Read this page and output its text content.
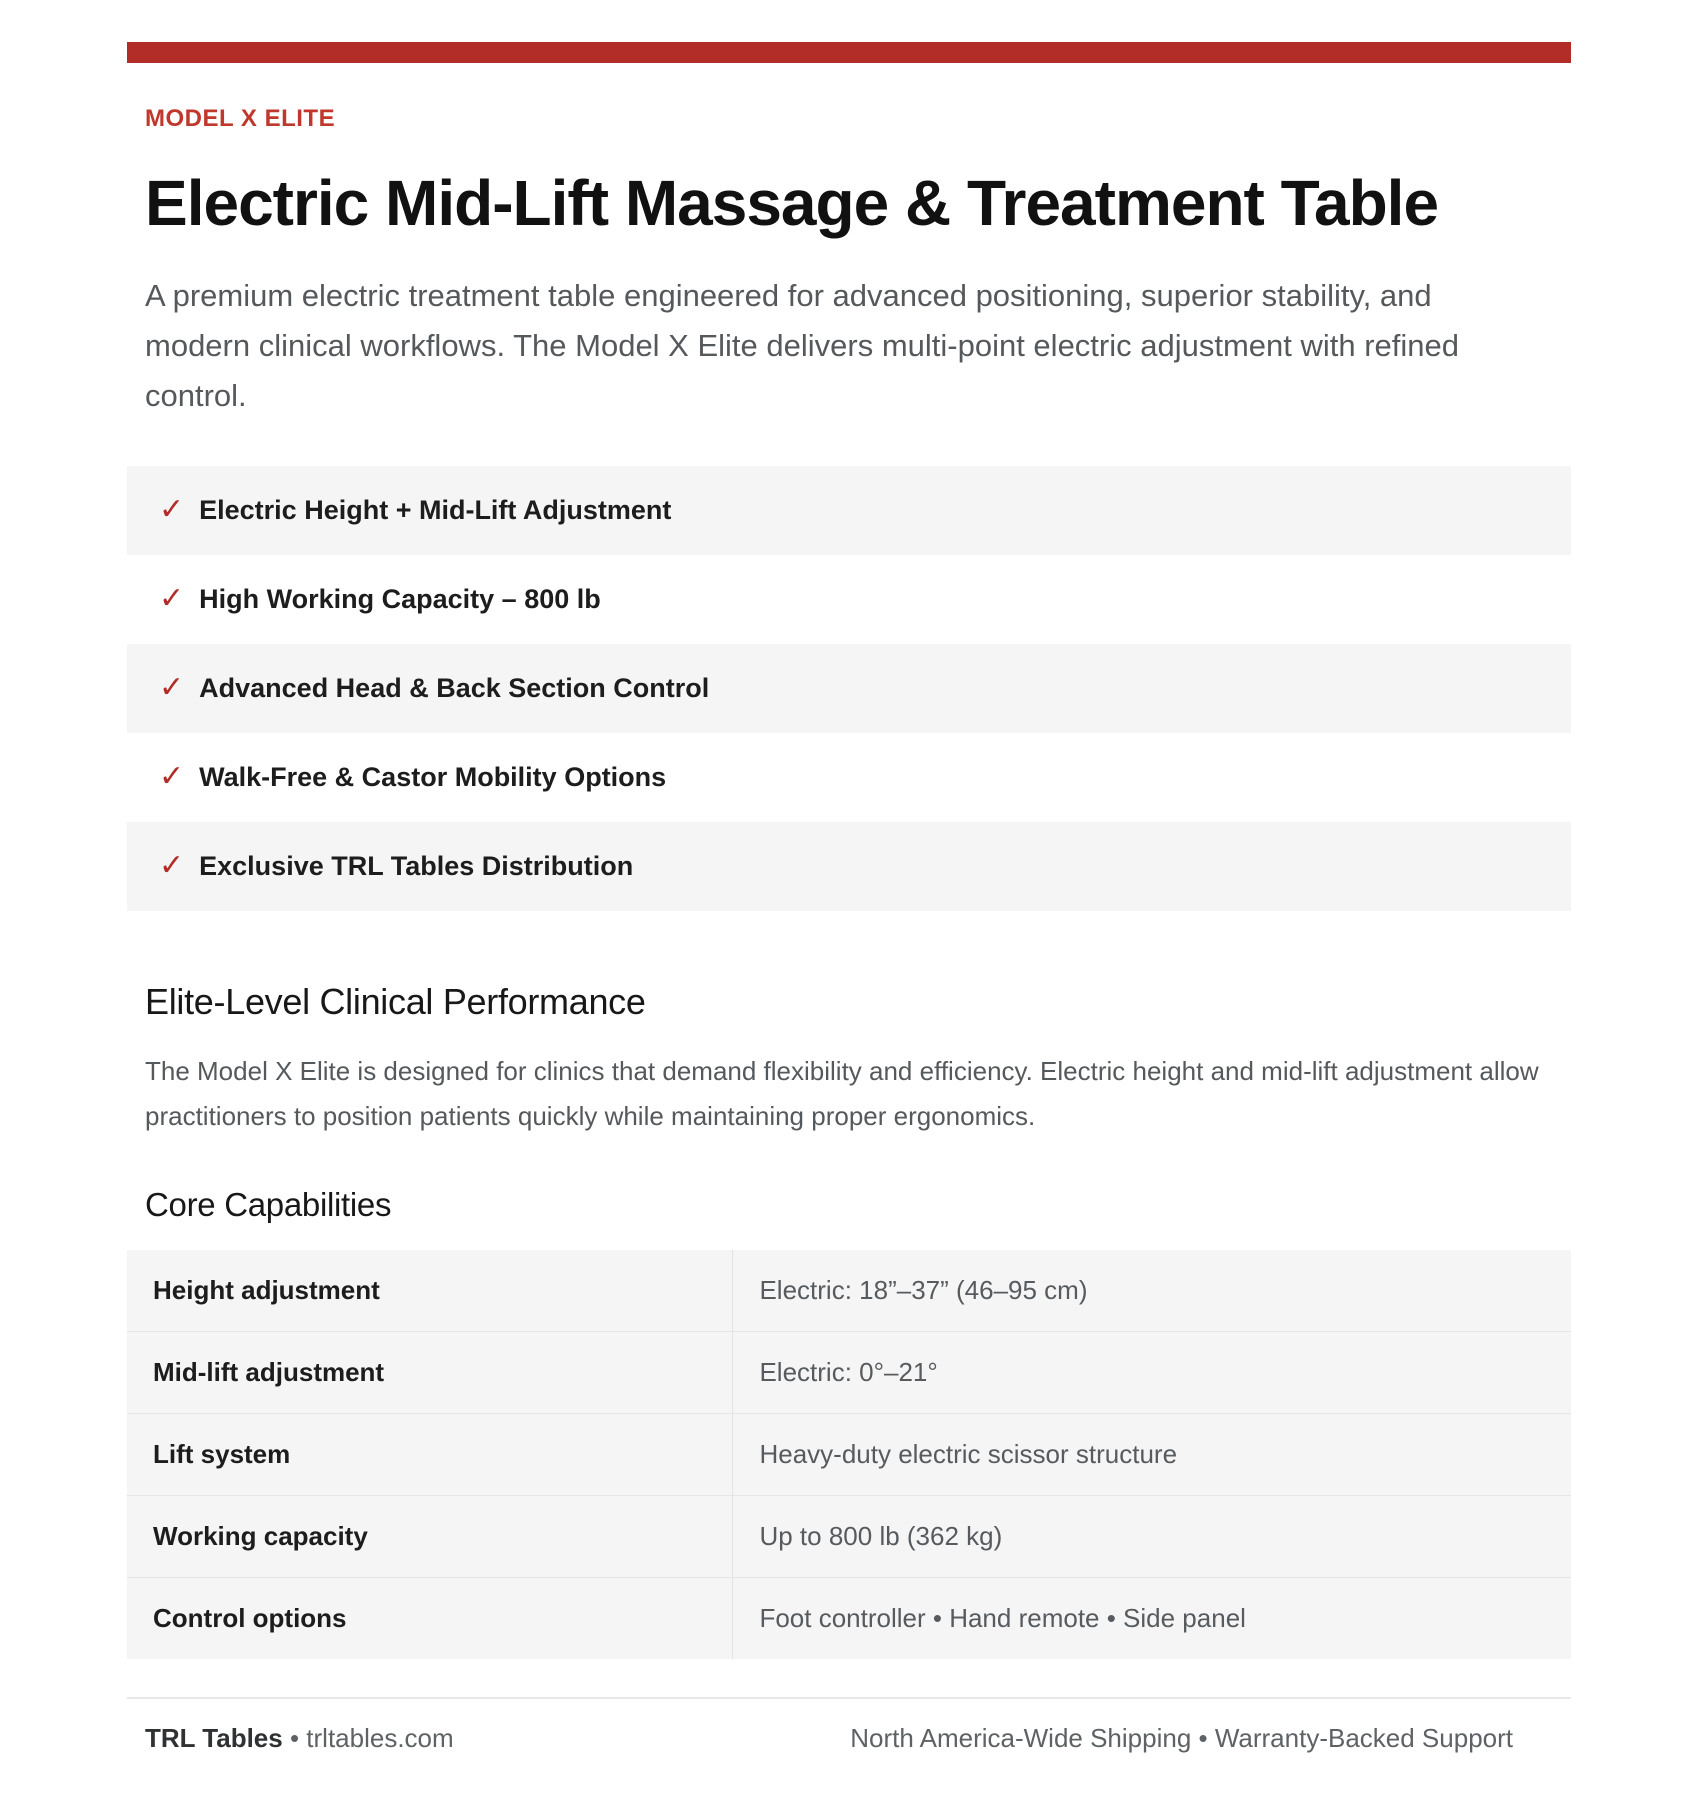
MODEL X ELITE
Electric Mid-Lift Massage & Treatment Table

A premium electric treatment table engineered for advanced positioning, superior stability, and modern clinical workflows. The Model X Elite delivers multi-point electric adjustment with refined control.

✓ Electric Height + Mid-Lift Adjustment
✓ High Working Capacity – 800 lb
✓ Advanced Head & Back Section Control
✓ Walk-Free & Castor Mobility Options
✓ Exclusive TRL Tables Distribution
Elite-Level Clinical Performance

The Model X Elite is designed for clinics that demand flexibility and efficiency. Electric height and mid-lift adjustment allow practitioners to position patients quickly while maintaining proper ergonomics.

Core Capabilities
Height adjustment	Electric: 18”–37” (46–95 cm)
Mid-lift adjustment	Electric: 0°–21°
Lift system	Heavy-duty electric scissor structure
Working capacity	Up to 800 lb (362 kg)
Control options	Foot controller • Hand remote • Side panel
TRL Tables • trltables.com	North America-Wide Shipping • Warranty-Backed Support
